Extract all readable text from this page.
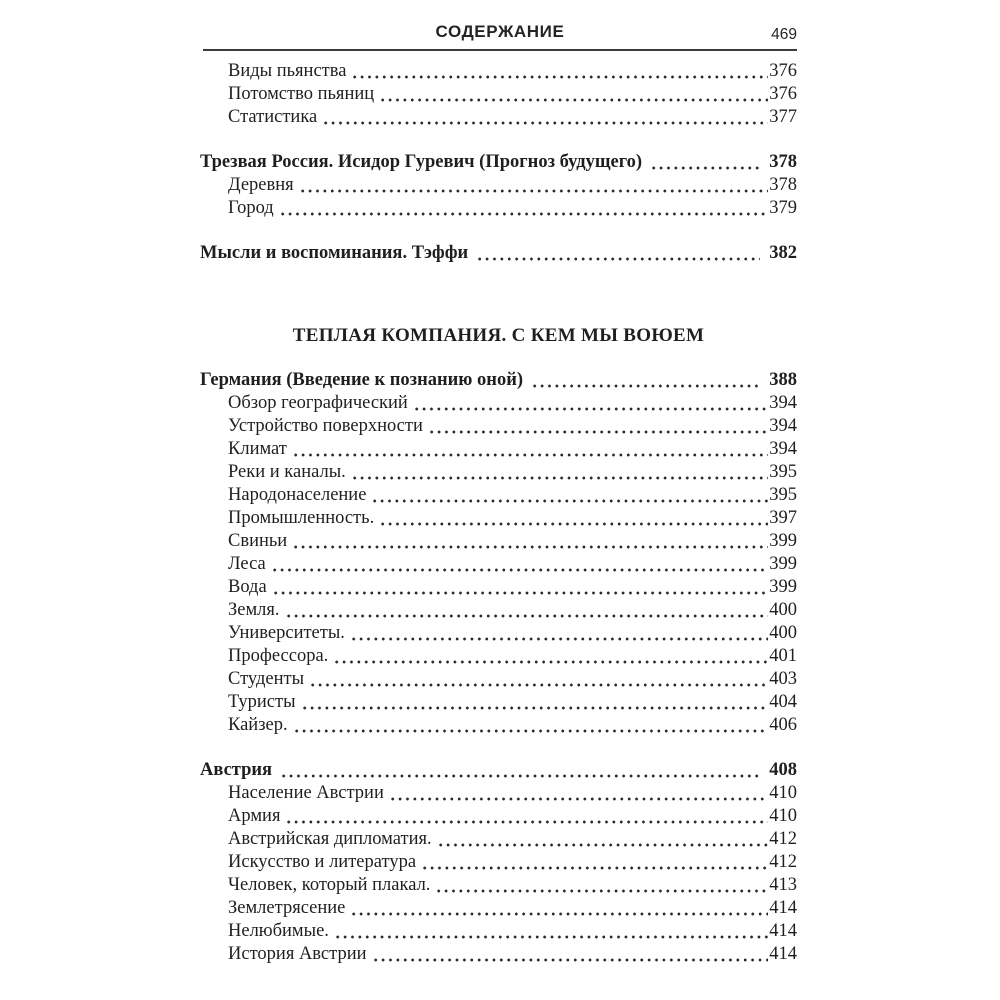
СОДЕРЖАНИЕ	469
Виды пьянства	376
Потомство пьяниц	376
Статистика	377
Трезвая Россия. Исидор Гуревич (Прогноз будущего)	378
Деревня	378
Город	379
Мысли и воспоминания. Тэффи	382
ТЕПЛАЯ КОМПАНИЯ. С КЕМ МЫ ВОЮЕМ
Германия (Введение к познанию оной)	388
Обзор географический	394
Устройство поверхности	394
Климат	394
Реки и каналы.	395
Народонаселение	395
Промышленность.	397
Свиньи	399
Леса	399
Вода	399
Земля.	400
Университеты.	400
Профессора.	401
Студенты	403
Туристы	404
Кайзер.	406
Австрия	408
Население Австрии	410
Армия	410
Австрийская дипломатия.	412
Искусство и литература	412
Человек, который плакал.	413
Землетрясение	414
Нелюбимые.	414
История Австрии	414
